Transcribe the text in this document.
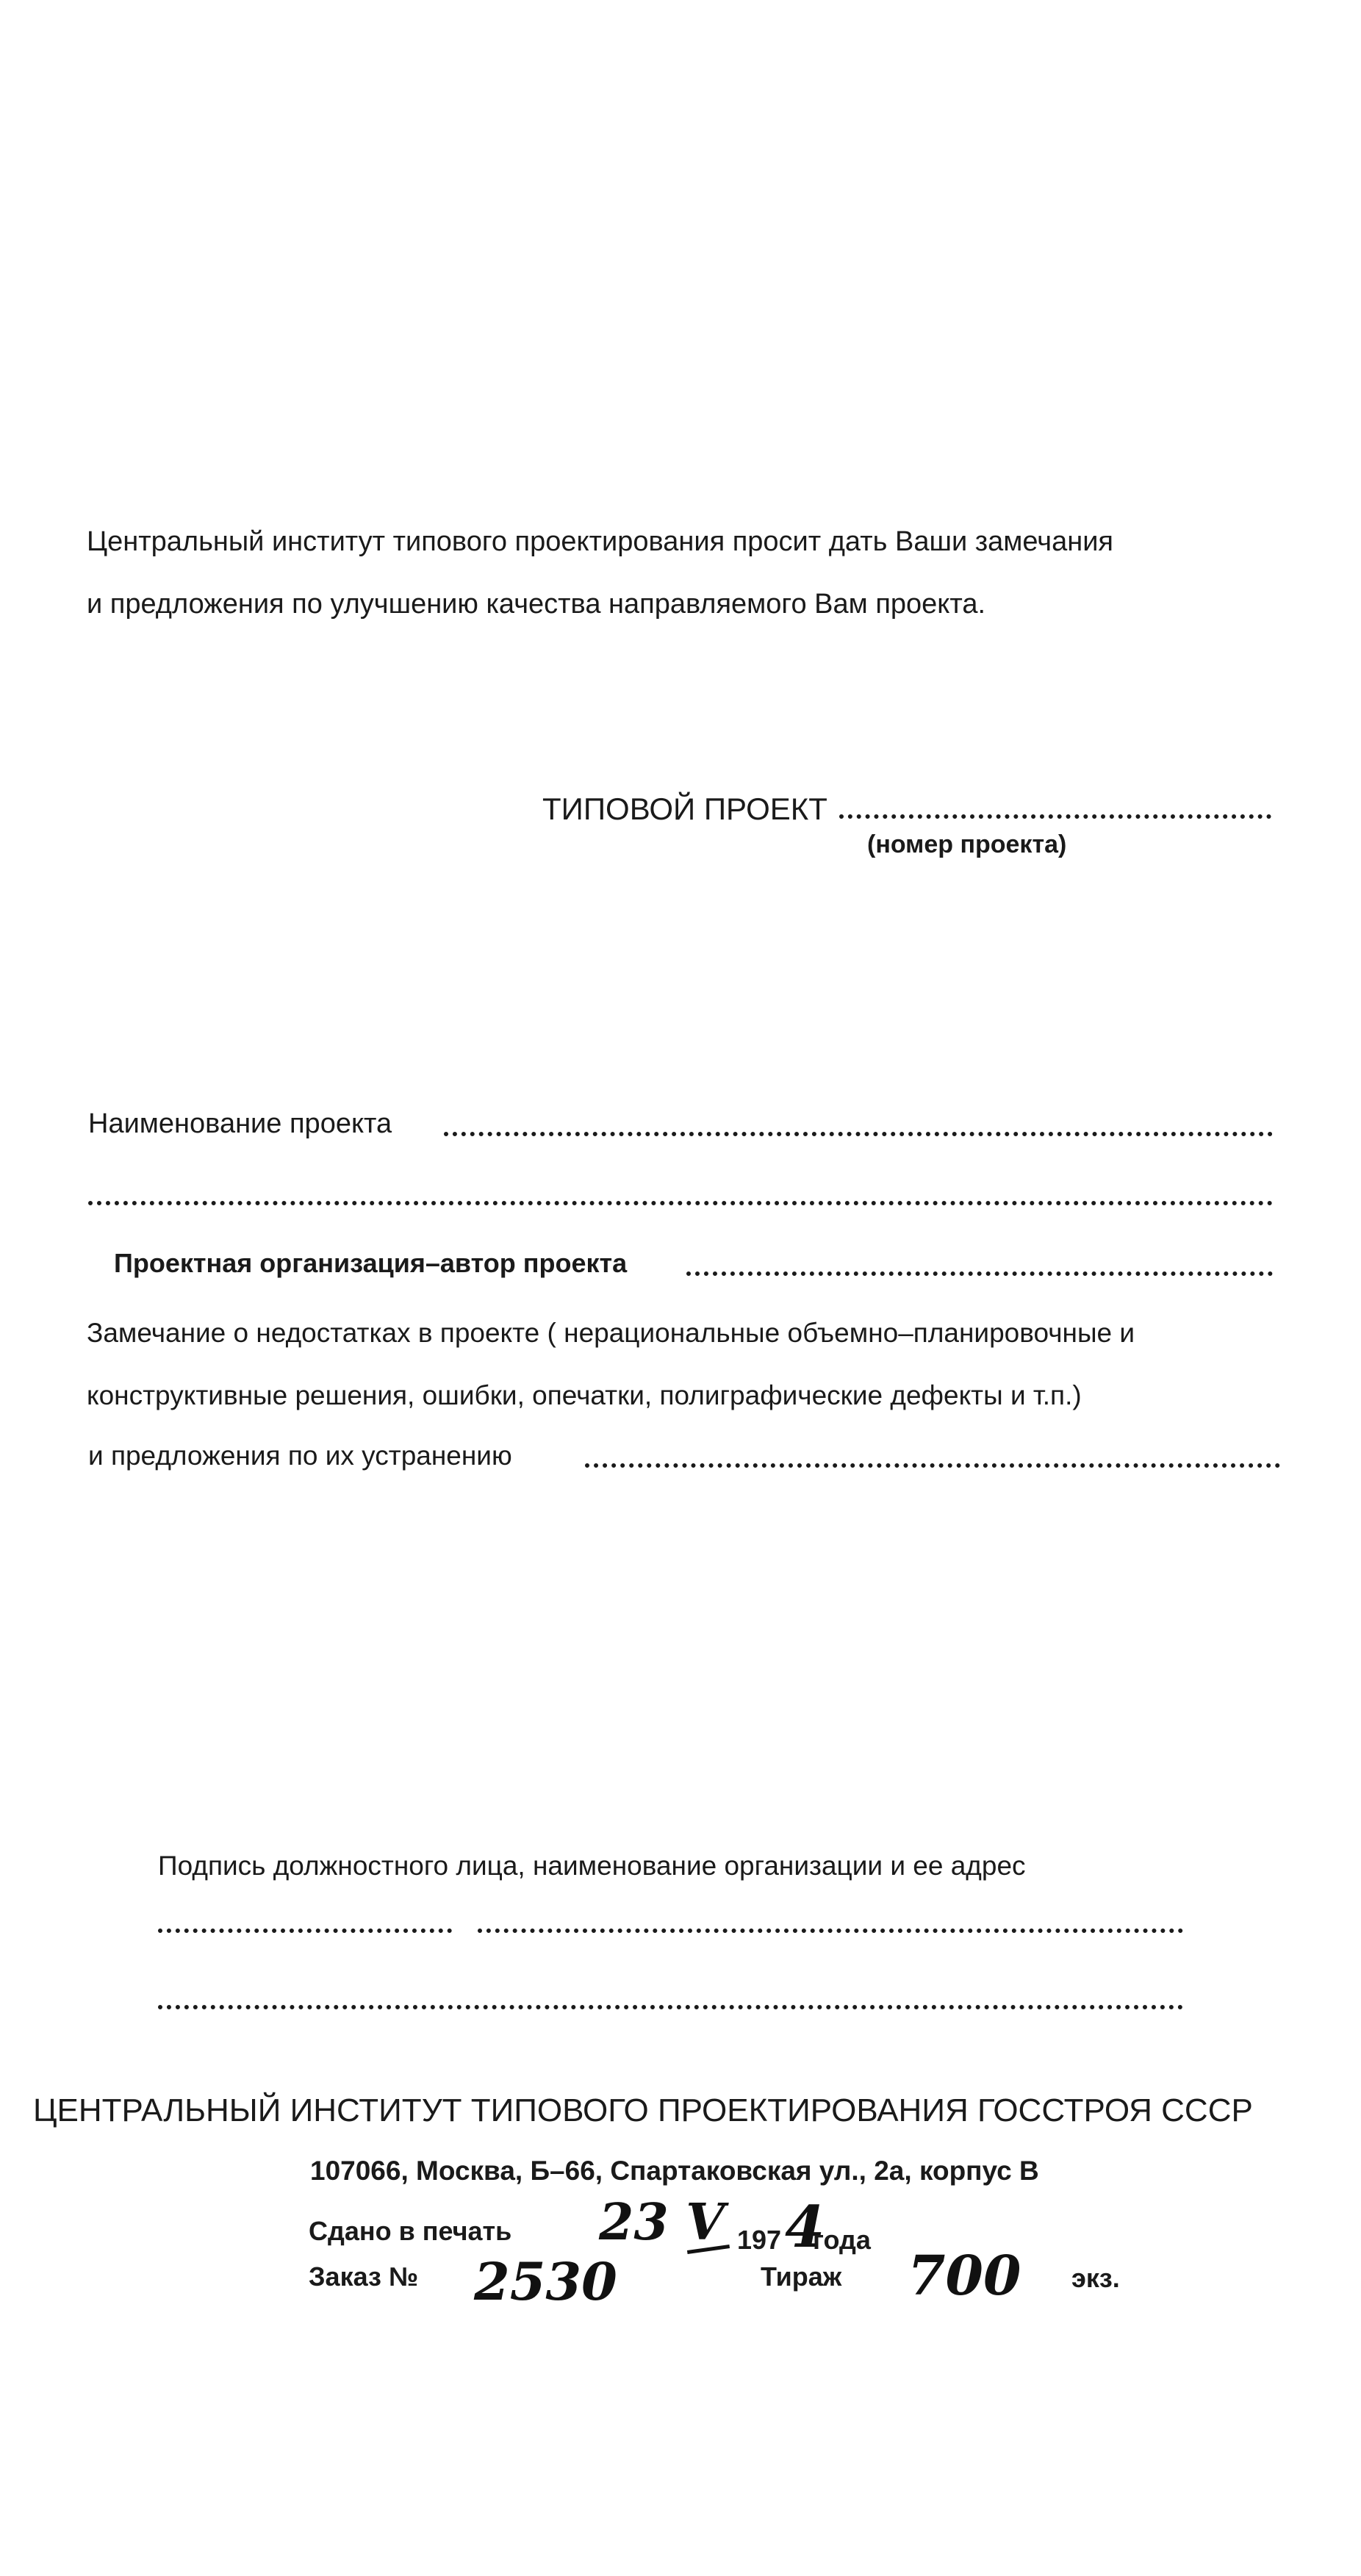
Центральный институт типового проектирования просит дать Ваши замечания
и предложения по улучшению качества направляемого Вам проекта.
ТИПОВОЙ ПРОЕКТ
(номер проекта)
Наименование проекта
Проектная организация–автор проекта
Замечание о недостатках в проекте ( нерациональные объемно–планировочные и
конструктивные решения, ошибки, опечатки, полиграфические дефекты и т.п.)
и предложения по их устранению
Подпись должностного лица, наименование организации и ее адрес
ЦЕНТРАЛЬНЫЙ ИНСТИТУТ ТИПОВОГО ПРОЕКТИРОВАНИЯ ГОССТРОЯ СССР
107066, Москва, Б–66, Спартаковская ул., 2а, корпус В
Сдано в печать 23 V 197 4
года
Заказ № 2530	Тираж 700 экз.
